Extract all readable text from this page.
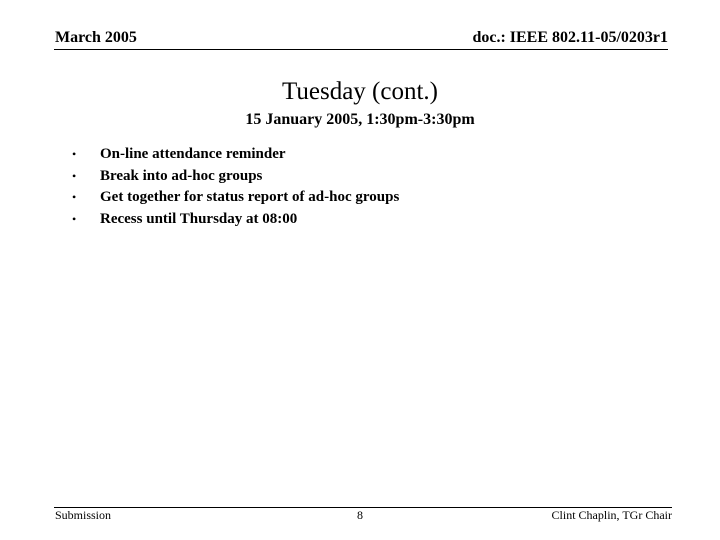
March 2005	doc.: IEEE 802.11-05/0203r1
Tuesday (cont.)
15 January 2005, 1:30pm-3:30pm
•	On-line attendance reminder
•	Break into ad-hoc groups
•	Get together for status report of ad-hoc groups
•	Recess until Thursday at 08:00
Submission	8	Clint Chaplin, TGr Chair
